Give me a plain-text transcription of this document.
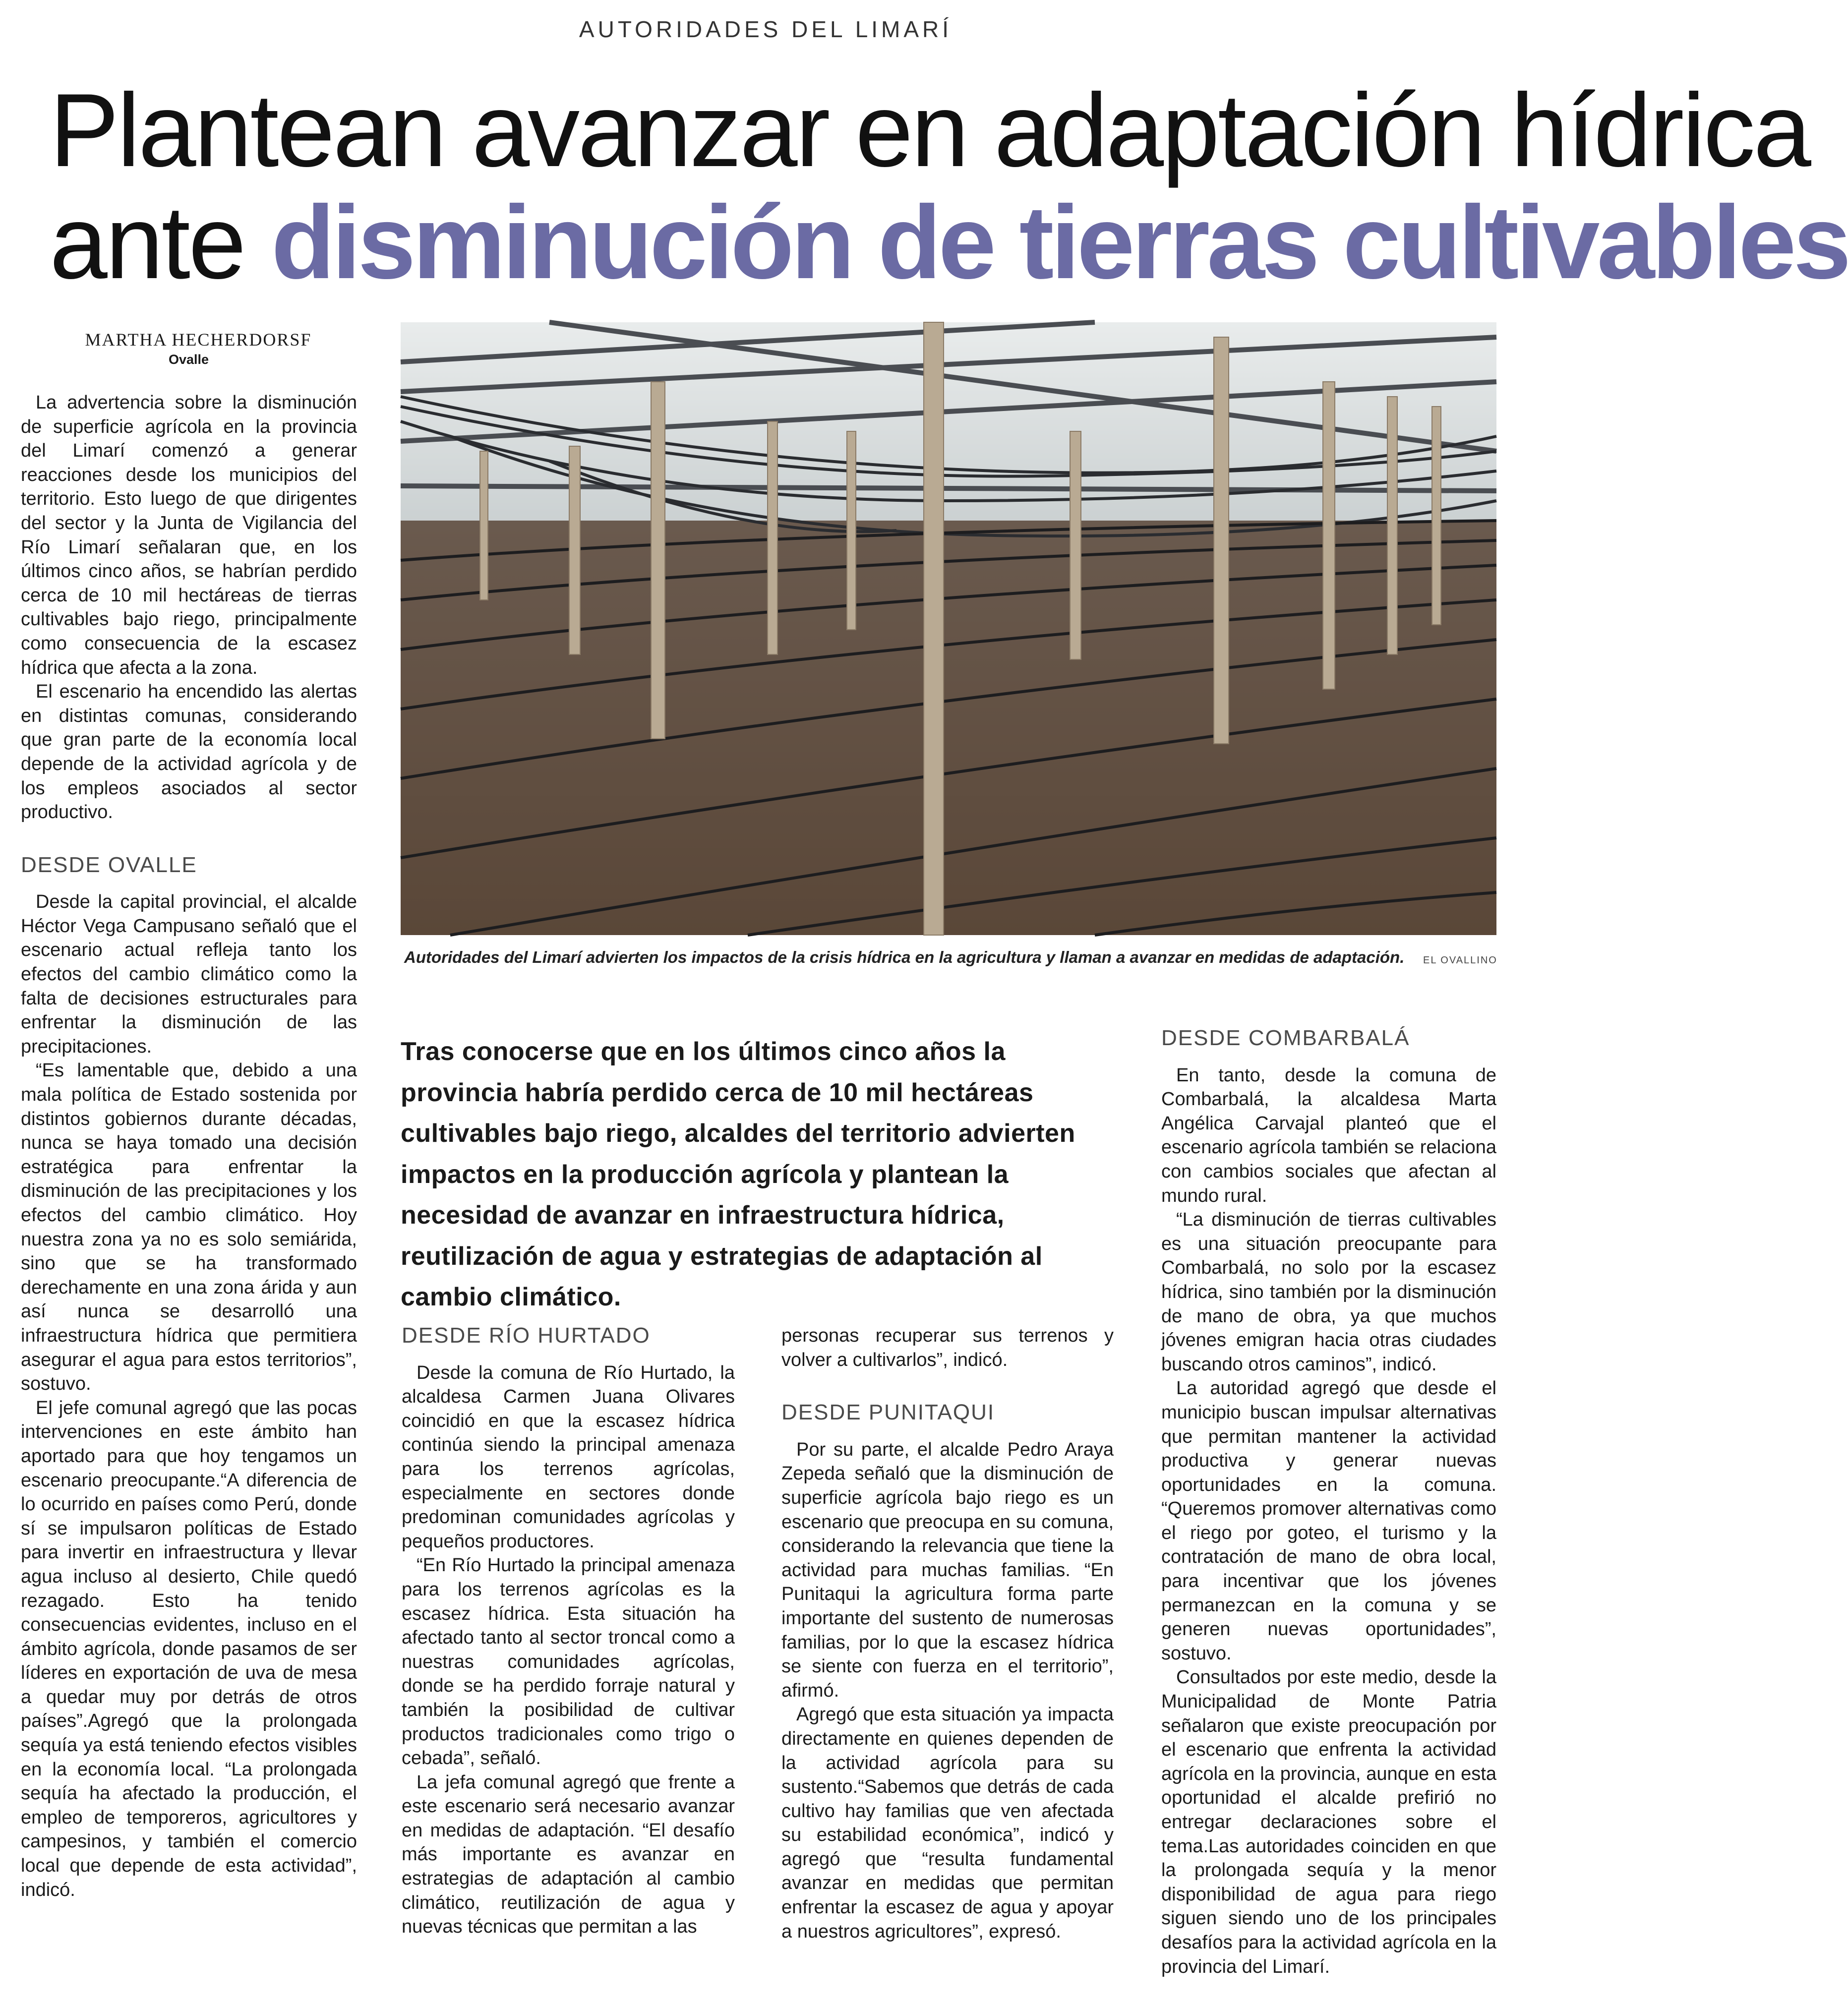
AUTORIDADES DEL LIMARÍ
Plantean avanzar en adaptación hídrica
ante disminución de tierras cultivables
MARTHA HECHERDORSF
Ovalle
Autoridades del Limarí advierten los impactos de la crisis hídrica en la agricultura y llaman a avanzar en medidas de adaptación.	EL OVALLINO
Tras conocerse que en los últimos cinco años la provincia habría perdido cerca de 10 mil hectáreas cultivables bajo riego, alcaldes del territorio advierten impactos en la producción agrícola y plantean la necesidad de avanzar en infraestructura hídrica, reutilización de agua y estrategias de adaptación al cambio climático.

La advertencia sobre la disminución de superficie agrícola en la provincia del Limarí comenzó a generar reacciones desde los municipios del territorio. Esto luego de que dirigentes del sector y la Junta de Vigilancia del Río Limarí señalaran que, en los últimos cinco años, se habrían perdido cerca de 10 mil hectáreas de tierras cultivables bajo riego, principalmente como consecuencia de la escasez hídrica que afecta a la zona.

El escenario ha encendido las alertas en distintas comunas, considerando que gran parte de la economía local depende de la actividad agrícola y de los empleos asociados al sector productivo.

DESDE OVALLE

Desde la capital provincial, el alcalde Héctor Vega Campusano señaló que el escenario actual refleja tanto los efectos del cambio climático como la falta de decisiones estructurales para enfrentar la disminución de las precipitaciones.

“Es lamentable que, debido a una mala política de Estado sostenida por distintos gobiernos durante décadas, nunca se haya tomado una decisión estratégica para enfrentar la disminución de las precipitaciones y los efectos del cambio climático. Hoy nuestra zona ya no es solo semiárida, sino que se ha transformado derechamente en una zona árida y aun así nunca se desarrolló una infraestructura hídrica que permitiera asegurar el agua para estos territorios”, sostuvo.

El jefe comunal agregó que las pocas intervenciones en este ámbito han aportado para que hoy tengamos un escenario preocupante.“A diferencia de lo ocurrido en países como Perú, donde sí se impulsaron políticas de Estado para invertir en infraestructura y llevar agua incluso al desierto, Chile quedó rezagado. Esto ha tenido consecuencias evidentes, incluso en el ámbito agrícola, donde pasamos de ser líderes en exportación de uva de mesa a quedar muy por detrás de otros países”.Agregó que la prolongada sequía ya está teniendo efectos visibles en la economía local. “La prolongada sequía ha afectado la producción, el empleo de temporeros, agricultores y campesinos, y también el comercio local que depende de esta actividad”, indicó.

DESDE RÍO HURTADO

Desde la comuna de Río Hurtado, la alcaldesa Carmen Juana Olivares coincidió en que la escasez hídrica continúa siendo la principal amenaza para los terrenos agrícolas, especialmente en sectores donde predominan comunidades agrícolas y pequeños productores.

“En Río Hurtado la principal amenaza para los terrenos agrícolas es la escasez hídrica. Esta situación ha afectado tanto al sector troncal como a nuestras comunidades agrícolas, donde se ha perdido forraje natural y también la posibilidad de cultivar productos tradicionales como trigo o cebada”, señaló.

La jefa comunal agregó que frente a este escenario será necesario avanzar en medidas de adaptación. “El desafío más importante es avanzar en estrategias de adaptación al cambio climático, reutilización de agua y nuevas técnicas que permitan a las

personas recuperar sus terrenos y volver a cultivarlos”, indicó.

DESDE PUNITAQUI

Por su parte, el alcalde Pedro Araya Zepeda señaló que la disminución de superficie agrícola bajo riego es un escenario que preocupa en su comuna, considerando la relevancia que tiene la actividad para muchas familias. “En Punitaqui la agricultura forma parte importante del sustento de numerosas familias, por lo que la escasez hídrica se siente con fuerza en el territorio”, afirmó.

Agregó que esta situación ya impacta directamente en quienes dependen de la actividad agrícola para su sustento.“Sabemos que detrás de cada cultivo hay familias que ven afectada su estabilidad económica”, indicó y agregó que “resulta fundamental avanzar en medidas que permitan enfrentar la escasez de agua y apoyar a nuestros agricultores”, expresó.

DESDE COMBARBALÁ

En tanto, desde la comuna de Combarbalá, la alcaldesa Marta Angélica Carvajal planteó que el escenario agrícola también se relaciona con cambios sociales que afectan al mundo rural.

“La disminución de tierras cultivables es una situación preocupante para Combarbalá, no solo por la escasez hídrica, sino también por la disminución de mano de obra, ya que muchos jóvenes emigran hacia otras ciudades buscando otros caminos”, indicó.

La autoridad agregó que desde el municipio buscan impulsar alternativas que permitan mantener la actividad productiva y generar nuevas oportunidades en la comuna. “Queremos promover alternativas como el riego por goteo, el turismo y la contratación de mano de obra local, para incentivar que los jóvenes permanezcan en la comuna y se generen nuevas oportunidades”, sostuvo.

Consultados por este medio, desde la Municipalidad de Monte Patria señalaron que existe preocupación por el escenario que enfrenta la actividad agrícola en la provincia, aunque en esta oportunidad el alcalde prefirió no entregar declaraciones sobre el tema.Las autoridades coinciden en que la prolongada sequía y la menor disponibilidad de agua para riego siguen siendo uno de los principales desafíos para la actividad agrícola en la provincia del Limarí.
